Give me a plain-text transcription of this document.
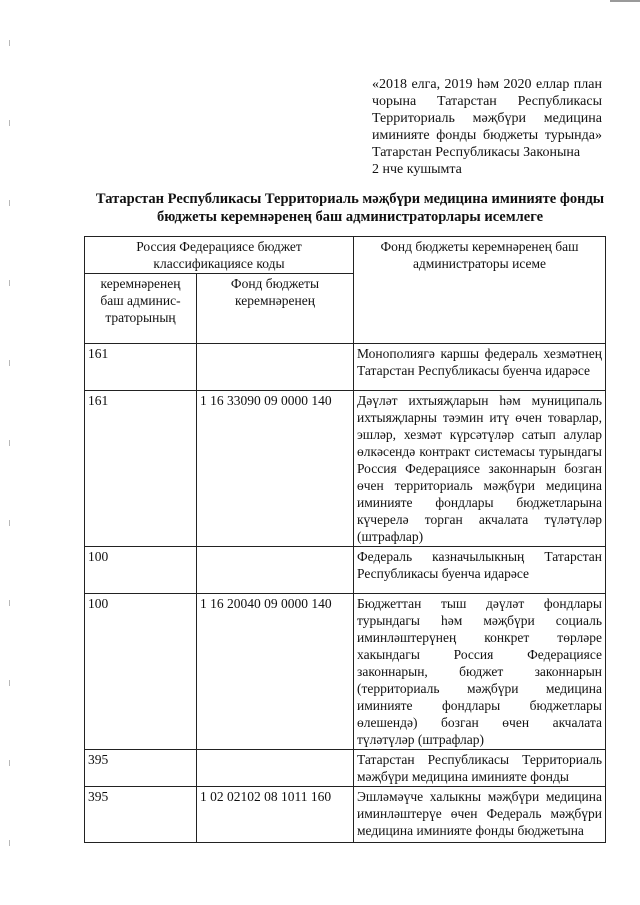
«2018 елга, 2019 һәм 2020 еллар план
чорына Татарстан Республикасы
Территориаль мәҗбүри медицина
иминияте фонды бюджеты турында»
Татарстан Республикасы Законына
2 нче кушымта
Татарстан Республикасы Территориаль мәҗбүри медицина иминияте фонды
бюджеты керемнәренең баш администраторлары исемлеге
Россия Федерациясе бюджет классификациясе коды		Фонд бюджеты керемнәренең баш администраторы исеме
керемнәренең баш админис- траторының	Фонд бюджеты керемнәренең	
161		Монополиягә каршы федераль хезмәтнең Татарстан Республикасы буенча идарәсе
161	1 16 33090 09 0000 140	Дәүләт ихтыяҗларын һәм муниципаль ихтыяҗларны тәэмин итү өчен товарлар, эшләр, хезмәт күрсәтүләр сатып алулар өлкәсендә контракт системасы турындагы Россия Федерациясе законнарын бозган өчен территориаль мәҗбүри медицина иминияте фондлары бюджетларына күчерелә торган акчалата түләтүләр (штрафлар)
100		Федераль казначылыкның Татарстан Республикасы буенча идарәсе
100	1 16 20040 09 0000 140	Бюджеттан тыш дәүләт фондлары турындагы һәм мәҗбүри социаль иминләштерүнең конкрет төрләре хакындагы Россия Федерациясе законнарын, бюджет законнарын (территориаль мәҗбүри медицина иминияте фондлары бюджетлары өлешендә) бозган өчен акчалата түләтүләр (штрафлар)
395		Татарстан Республикасы Территориаль мәҗбүри медицина иминияте фонды
395	1 02 02102 08 1011 160	Эшләмәүче халыкны мәҗбүри медицина иминләштерүе өчен Федераль мәҗбүри медицина иминияте фонды бюджетына
